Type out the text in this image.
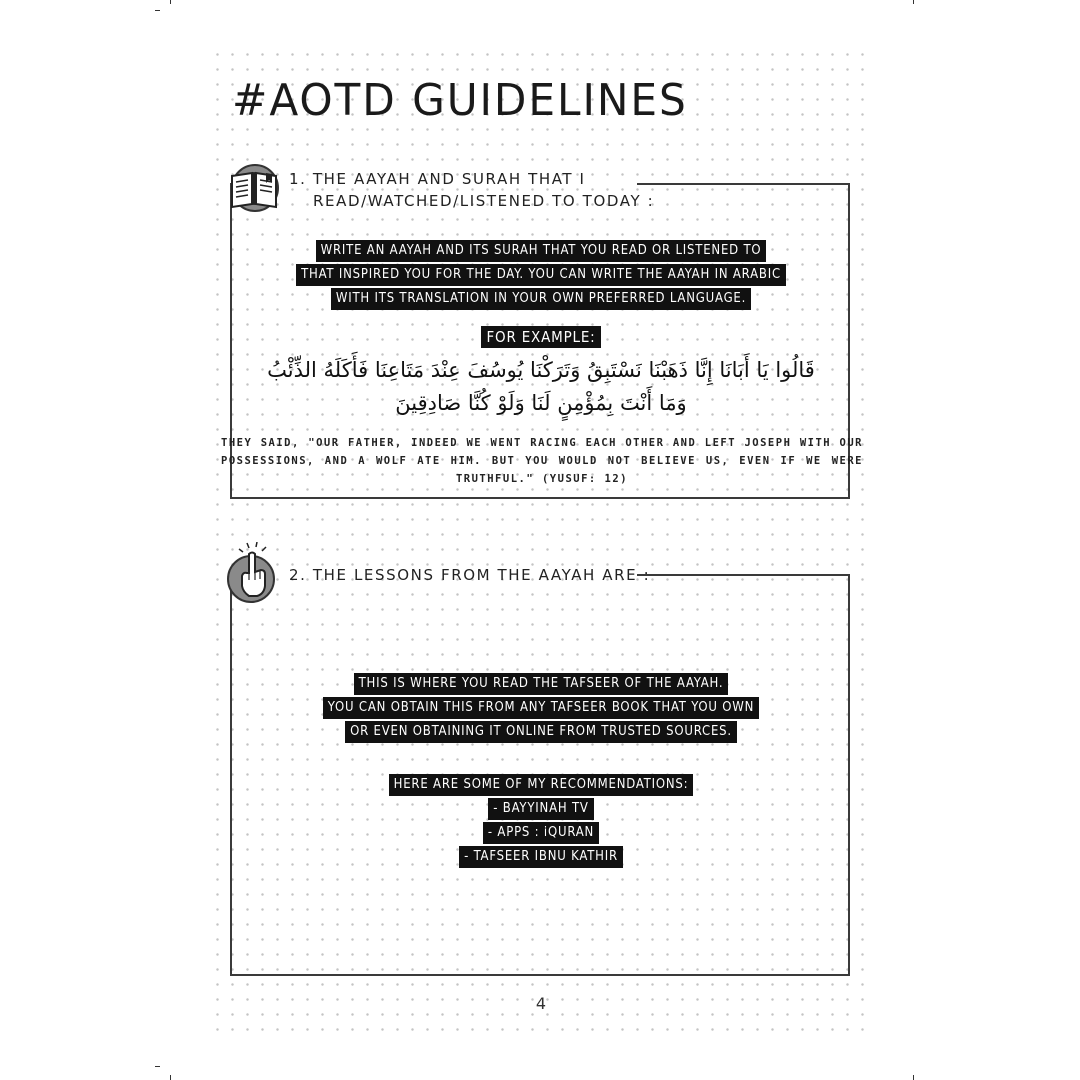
#AOTD GUIDELINES
1. THE AAYAH AND SURAH THAT I
READ/WATCHED/LISTENED TO TODAY :
WRITE AN AAYAH AND ITS SURAH THAT YOU READ OR LISTENED TO
THAT INSPIRED YOU FOR THE DAY. YOU CAN WRITE THE AAYAH IN ARABIC
WITH ITS TRANSLATION IN YOUR OWN PREFERRED LANGUAGE.
FOR EXAMPLE:
قَالُوا يَا أَبَانَا إِنَّا ذَهَبْنَا نَسْتَبِقُ وَتَرَكْنَا يُوسُفَ عِنْدَ مَتَاعِنَا فَأَكَلَهُ الذِّئْبُ
وَمَا أَنْتَ بِمُؤْمِنٍ لَنَا وَلَوْ كُنَّا صَادِقِينَ
THEY SAID, "OUR FATHER, INDEED WE WENT RACING EACH OTHER AND LEFT JOSEPH WITH OUR POSSESSIONS, AND A WOLF ATE HIM. BUT YOU WOULD NOT BELIEVE US, EVEN IF WE WERE TRUTHFUL." (YUSUF: 12)
2. THE LESSONS FROM THE AAYAH ARE :
THIS IS WHERE YOU READ THE TAFSEER OF THE AAYAH.
YOU CAN OBTAIN THIS FROM ANY TAFSEER BOOK THAT YOU OWN
OR EVEN OBTAINING IT ONLINE FROM TRUSTED SOURCES.
HERE ARE SOME OF MY RECOMMENDATIONS:
- BAYYINAH TV
- APPS : iQURAN
- TAFSEER IBNU KATHIR
4
